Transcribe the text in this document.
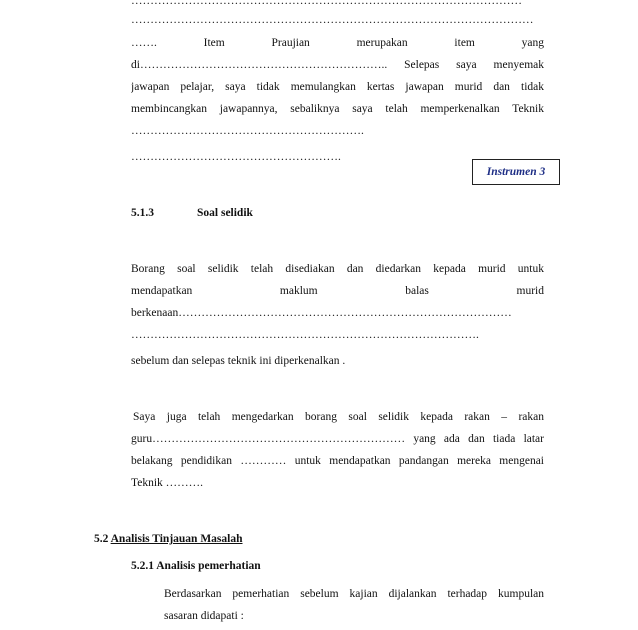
…………………………………………………………………………………………
……………………………………………………………………………………………
……. Item Praujian merupakan item yang
di……………………………………………………….. Selepas saya menyemak
jawapan pelajar, saya tidak memulangkan kertas jawapan murid dan tidak
membincangkan jawapannya, sebaliknya saya telah memperkenalkan Teknik
…………………………………………………….
……………………………………………….
Instrumen 3
5.1.3	Soal selidik
Borang soal selidik telah disediakan dan diedarkan kepada murid untuk
mendapatkan maklum balas murid
berkenaan……………………………………………………………………………
……………………………………………………………………………….
sebelum dan selepas teknik ini diperkenalkan .
Saya juga telah mengedarkan borang soal selidik kepada rakan – rakan
guru………………………………………………………… yang ada dan tiada latar
belakang pendidikan ………… untuk mendapatkan pandangan mereka mengenai
Teknik ……….
5.2 Analisis Tinjauan Masalah
5.2.1 Analisis pemerhatian
Berdasarkan pemerhatian sebelum kajian dijalankan terhadap kumpulan
sasaran didapati :
